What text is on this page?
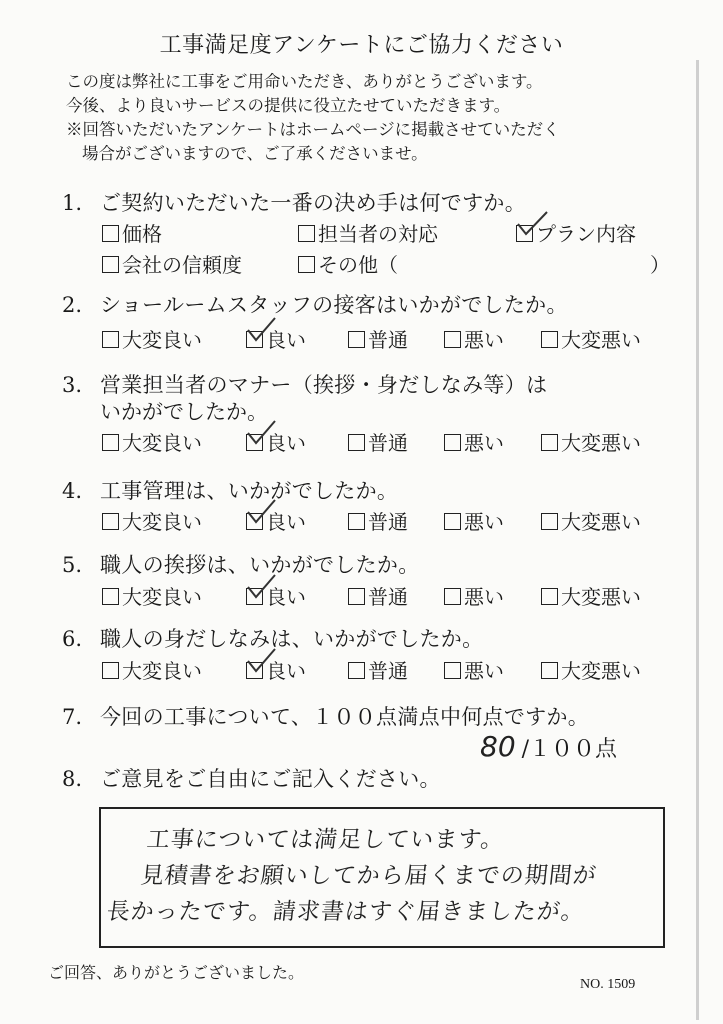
工事満足度アンケートにご協力ください
この度は弊社に工事をご用命いただき、ありがとうございます。
今後、より良いサービスの提供に役立たせていただきます。
※回答いただいたアンケートはホームページに掲載させていただく
場合がございますので、ご了承くださいませ。
1. ご契約いただいた一番の決め手は何ですか。
価格	担当者の対応	プラン内容
会社の信頼度	その他（	）
2. ショールームスタッフの接客はいかがでしたか。
大変良い	良い	普通	悪い	大変悪い
3. 営業担当者のマナー（挨拶・身だしなみ等）は
いかがでしたか。
大変良い	良い	普通	悪い	大変悪い
4. 工事管理は、いかがでしたか。
大変良い	良い	普通	悪い	大変悪い
5. 職人の挨拶は、いかがでしたか。
大変良い	良い	普通	悪い	大変悪い
6. 職人の身だしなみは、いかがでしたか。
大変良い	良い	普通	悪い	大変悪い
7. 今回の工事について、１００点満点中何点ですか。
80 /１００点
8. ご意見をご自由にご記入ください。
工事については満足しています。
見積書をお願いしてから届くまでの期間が
長かったです。請求書はすぐ届きましたが。
ご回答、ありがとうございました。
NO. 1509
